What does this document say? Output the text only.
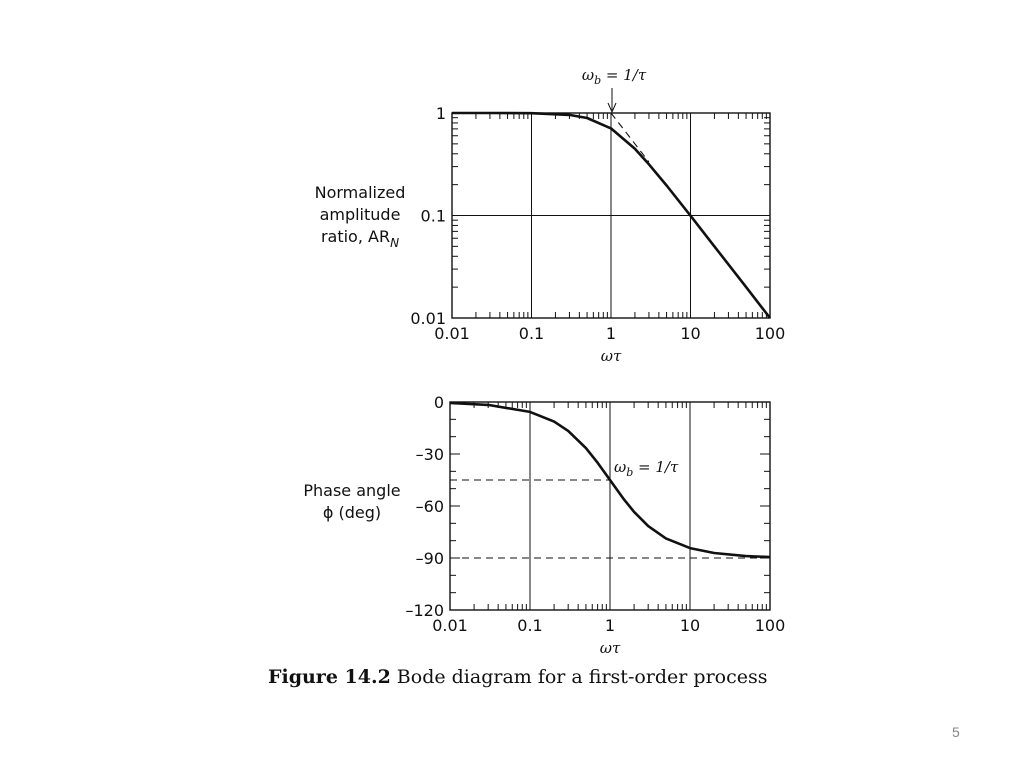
Normalized
amplitude
ratio, $AR_N$
$\omega_b = 1/\tau$
0.01	0.1	1	10	100
0.01
0.1
1
ωτ
Phase angle
ϕ (deg)
$\omega_b = 1/\tau$
0.01	0.1	1	10	100
0
–30
–60
–90
–120
ωτ
Figure 14.2 Bode diagram for a first-order process
5
